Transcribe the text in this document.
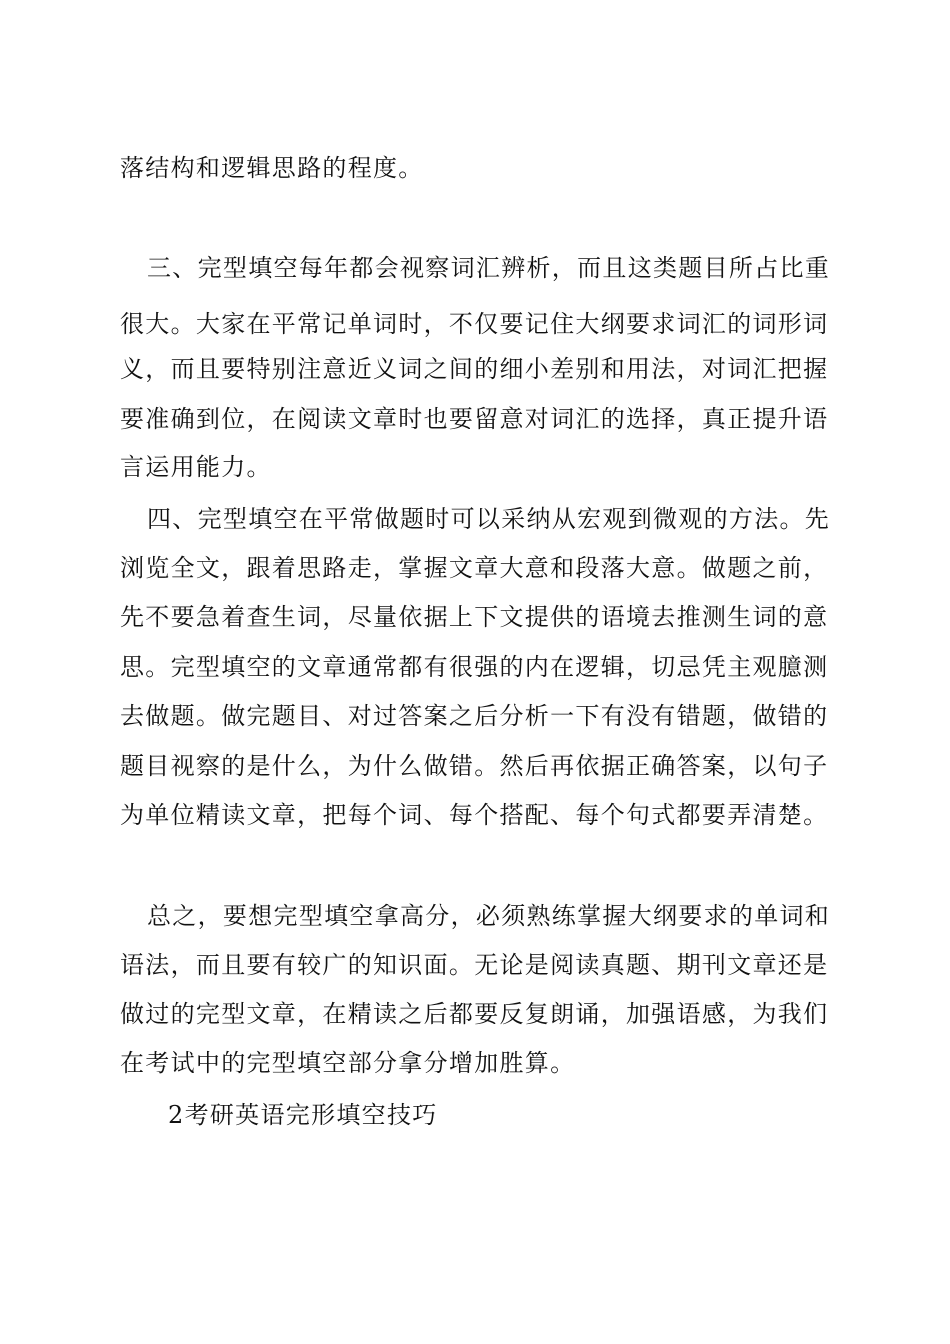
落结构和逻辑思路的程度。
三、完型填空每年都会视察词汇辨析，而且这类题目所占比重
很大。大家在平常记单词时，不仅要记住大纲要求词汇的词形词
义，而且要特别注意近义词之间的细小差别和用法，对词汇把握
要准确到位，在阅读文章时也要留意对词汇的选择，真正提升语
言运用能力。
四、完型填空在平常做题时可以采纳从宏观到微观的方法。先
浏览全文，跟着思路走，掌握文章大意和段落大意。做题之前，
先不要急着查生词，尽量依据上下文提供的语境去推测生词的意
思。完型填空的文章通常都有很强的内在逻辑，切忌凭主观臆测
去做题。做完题目、对过答案之后分析一下有没有错题，做错的
题目视察的是什么，为什么做错。然后再依据正确答案，以句子
为单位精读文章，把每个词、每个搭配、每个句式都要弄清楚。
总之，要想完型填空拿高分，必须熟练掌握大纲要求的单词和
语法，而且要有较广的知识面。无论是阅读真题、期刊文章还是
做过的完型文章，在精读之后都要反复朗诵，加强语感，为我们
在考试中的完型填空部分拿分增加胜算。
2考研英语完形填空技巧
